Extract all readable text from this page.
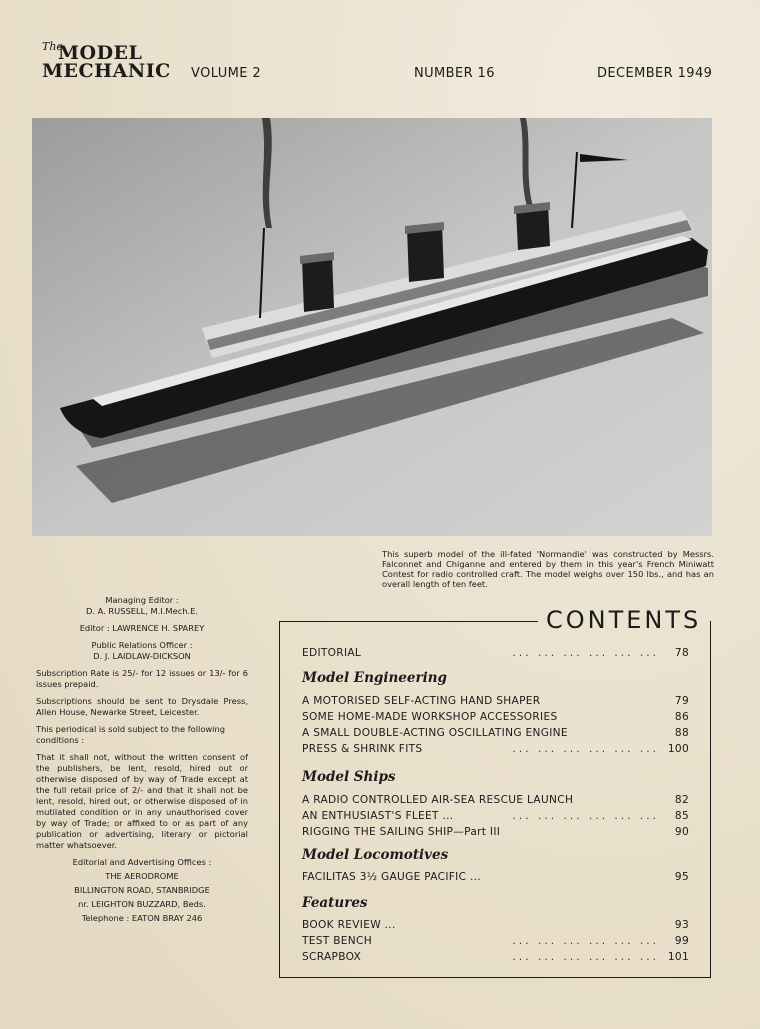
The
MODEL
MECHANIC VOLUME 2	NUMBER 16	DECEMBER 1949
This superb model of the ill-fated 'Normandie' was constructed by Messrs. Falconnet and Chiganne and entered by them in this year's French Miniwatt Contest for radio controlled craft. The model weighs over 150 lbs., and has an overall length of ten feet.
Managing Editor :
D. A. RUSSELL, M.I.Mech.E.
Editor : LAWRENCE H. SPAREY
Public Relations Officer :
D. J. LAIDLAW-DICKSON

Subscription Rate is 25/- for 12 issues or 13/- for 6 issues prepaid.

Subscriptions should be sent to Drysdale Press, Allen House, Newarke Street, Leicester.

This periodical is sold subject to the following conditions :

That it shall not, without the written consent of the publishers, be lent, resold, hired out or otherwise disposed of by way of Trade except at the full retail price of 2/- and that it shall not be lent, resold, hired out, or otherwise disposed of in mutilated condition or in any unauthorised cover by way of Trade; or affixed to or as part of any publication or advertising, literary or pictorial matter whatsoever.

Editorial and Advertising Offices :
THE AERODROME
BILLINGTON ROAD, STANBRIDGE
nr. LEIGHTON BUZZARD, Beds.
Telephone : EATON BRAY 246
CONTENTS
EDITORIAL	... ... ... ... ... ... 78
Model Engineering
A MOTORISED SELF-ACTING HAND SHAPER	79
SOME HOME-MADE WORKSHOP ACCESSORIES	86
A SMALL DOUBLE-ACTING OSCILLATING ENGINE	88
PRESS & SHRINK FITS	... ... ... ... ... ... 100
Model Ships
A RADIO CONTROLLED AIR-SEA RESCUE LAUNCH	82
AN ENTHUSIAST'S FLEET ...	... ... ... ... ... ... 85
RIGGING THE SAILING SHIP—Part III	90
Model Locomotives
FACILITAS 3½ GAUGE PACIFIC ...	95
Features
BOOK REVIEW ...	93
TEST BENCH	... ... ... ... ... ... 99
SCRAPBOX	... ... ... ... ... ... 101
